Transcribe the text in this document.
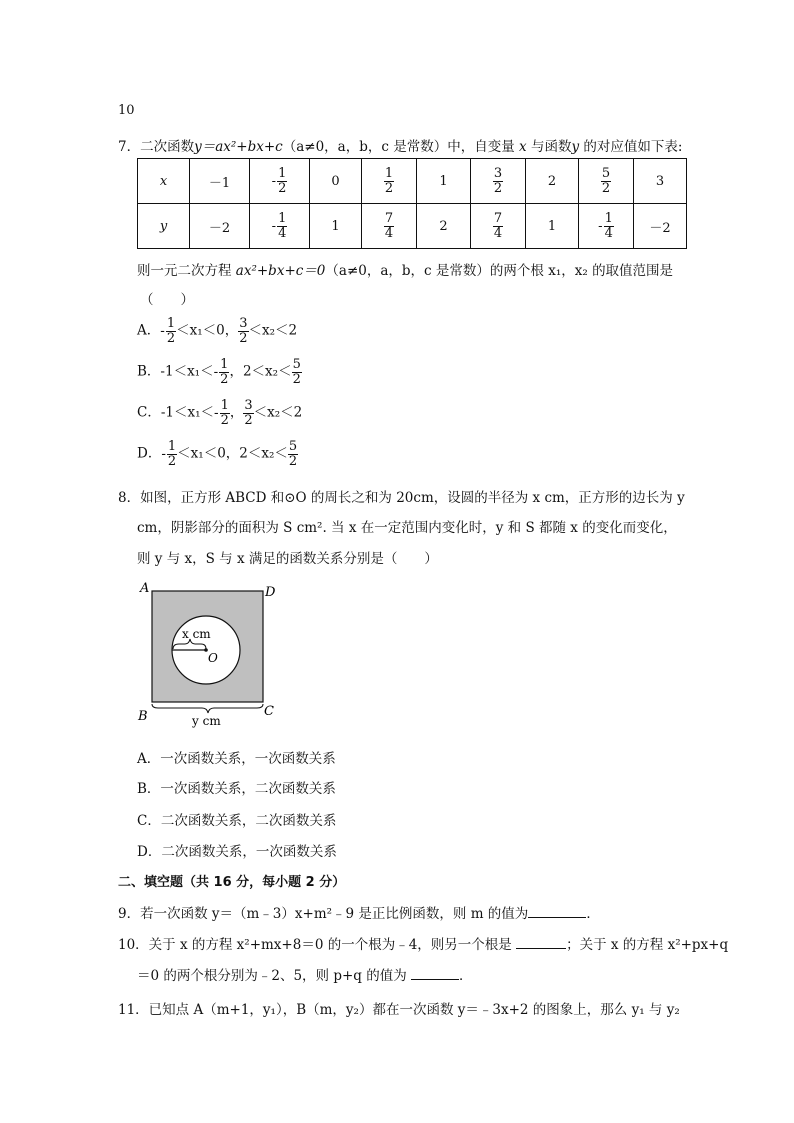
10
7．二次函数y＝ax²+bx+c（a≠0，a，b，c 是常数）中，自变量 x 与函数y 的对应值如下表:
x	－1	- $\frac{1}{2}$	0	$\frac{1}{2}$	1	$\frac{3}{2}$	2	$\frac{5}{2}$	3
y	－2	- $\frac{1}{4}$	1	$\frac{7}{4}$	2	$\frac{7}{4}$	1	- $\frac{1}{4}$	－2
则一元二次方程 ax²+bx+c＝0（a≠0，a，b，c 是常数）的两个根 x₁，x₂ 的取值范围是
（　　）
A．- $\frac{1}{2} <x_1<0$， $\frac{3}{2} <x_2<2$
B．$-1<x_1<- \frac{1}{2}$ ，$2<x_2< \frac{5}{2}$
C．$-1<x_1<- \frac{1}{2}$ ， $\frac{3}{2} <x_2<2$
D．- $\frac{1}{2} <x_1<0$，$2<x_2< \frac{5}{2}$
8．如图，正方形 ABCD 和⊙O 的周长之和为 20cm，设圆的半径为 x cm，正方形的边长为 y
cm，阴影部分的面积为 S cm². 当 x 在一定范围内变化时，y 和 S 都随 x 的变化而变化，
则 y 与 x，S 与 x 满足的函数关系分别是（　　）
A	D
B	C
O
x cm
y cm
A．一次函数关系，一次函数关系
B．一次函数关系，二次函数关系
C．二次函数关系，二次函数关系
D．二次函数关系，一次函数关系
二、填空题（共 16 分，每小题 2 分）
9．若一次函数 y＝（m﹣3）x+m²﹣9 是正比例函数，则 m 的值为	．
10．关于 x 的方程 x²+mx+8＝0 的一个根为﹣4，则另一个根是	；关于 x 的方程 x²+px+q
＝0 的两个根分别为﹣2、5，则 p+q 的值为	．
11．已知点 A（m+1，y₁），B（m，y₂）都在一次函数 y＝﹣3x+2 的图象上，那么 y₁ 与 y₂
